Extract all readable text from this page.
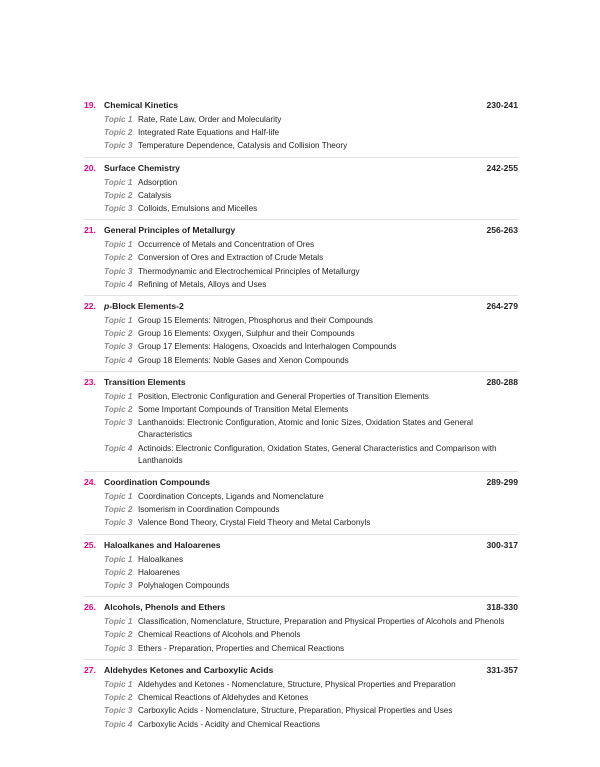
19. Chemical Kinetics	230-241
Topic 1 Rate, Rate Law, Order and Molecularity
Topic 2 Integrated Rate Equations and Half-life
Topic 3 Temperature Dependence, Catalysis and Collision Theory
20. Surface Chemistry	242-255
Topic 1 Adsorption
Topic 2 Catalysis
Topic 3 Colloids, Emulsions and Micelles
21. General Principles of Metallurgy	256-263
Topic 1 Occurrence of Metals and Concentration of Ores
Topic 2 Conversion of Ores and Extraction of Crude Metals
Topic 3 Thermodynamic and Electrochemical Principles of Metallurgy
Topic 4 Refining of Metals, Alloys and Uses
22. p-Block Elements-2	264-279
Topic 1 Group 15 Elements: Nitrogen, Phosphorus and their Compounds
Topic 2 Group 16 Elements: Oxygen, Sulphur and their Compounds
Topic 3 Group 17 Elements: Halogens, Oxoacids and Interhalogen Compounds
Topic 4 Group 18 Elements: Noble Gases and Xenon Compounds
23. Transition Elements	280-288
Topic 1 Position, Electronic Configuration and General Properties of Transition Elements
Topic 2 Some Important Compounds of Transition Metal Elements
Topic 3 Lanthanoids: Electronic Configuration, Atomic and Ionic Sizes, Oxidation States and General Characteristics
Topic 4 Actinoids: Electronic Configuration, Oxidation States, General Characteristics and Comparison with Lanthanoids
24. Coordination Compounds	289-299
Topic 1 Coordination Concepts, Ligands and Nomenclature
Topic 2 Isomerism in Coordination Compounds
Topic 3 Valence Bond Theory, Crystal Field Theory and Metal Carbonyls
25. Haloalkanes and Haloarenes	300-317
Topic 1 Haloalkanes
Topic 2 Haloarenes
Topic 3 Polyhalogen Compounds
26. Alcohols, Phenols and Ethers	318-330
Topic 1 Classification, Nomenclature, Structure, Preparation and Physical Properties of Alcohols and Phenols
Topic 2 Chemical Reactions of Alcohols and Phenols
Topic 3 Ethers - Preparation, Properties and Chemical Reactions
27. Aldehydes Ketones and Carboxylic Acids	331-357
Topic 1 Aldehydes and Ketones - Nomenclature, Structure, Physical Properties and Preparation
Topic 2 Chemical Reactions of Aldehydes and Ketones
Topic 3 Carboxylic Acids - Nomenclature, Structure, Preparation, Physical Properties and Uses
Topic 4 Carboxylic Acids - Acidity and Chemical Reactions
